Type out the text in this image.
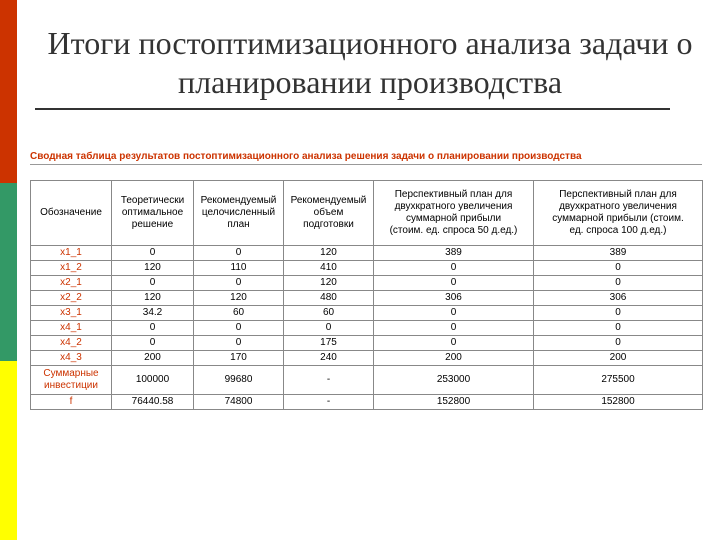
Итоги постоптимизационного анализа задачи о планировании производства
Сводная таблица результатов постоптимизационного анализа решения задачи о планировании производства
Обозначение	Теоретически
оптимальное
решение	Рекомендуемый
целочисленный
план	Рекомендуемый
объем
подготовки	Перспективный план для
двухкратного увеличения
суммарной прибыли
(стоим. ед. спроса 50 д.ед.)	Перспективный план для
двухкратного увеличения
суммарной прибыли (стоим.
ед. спроса 100 д.ед.)
x1_1	0	0	120	389	389
x1_2	120	110	410	0	0
x2_1	0	0	120	0	0
x2_2	120	120	480	306	306
x3_1	34.2	60	60	0	0
x4_1	0	0	0	0	0
x4_2	0	0	175	0	0
x4_3	200	170	240	200	200
Суммарные инвестиции	100000	99680	-	253000	275500
f	76440.58	74800	-	152800	152800
